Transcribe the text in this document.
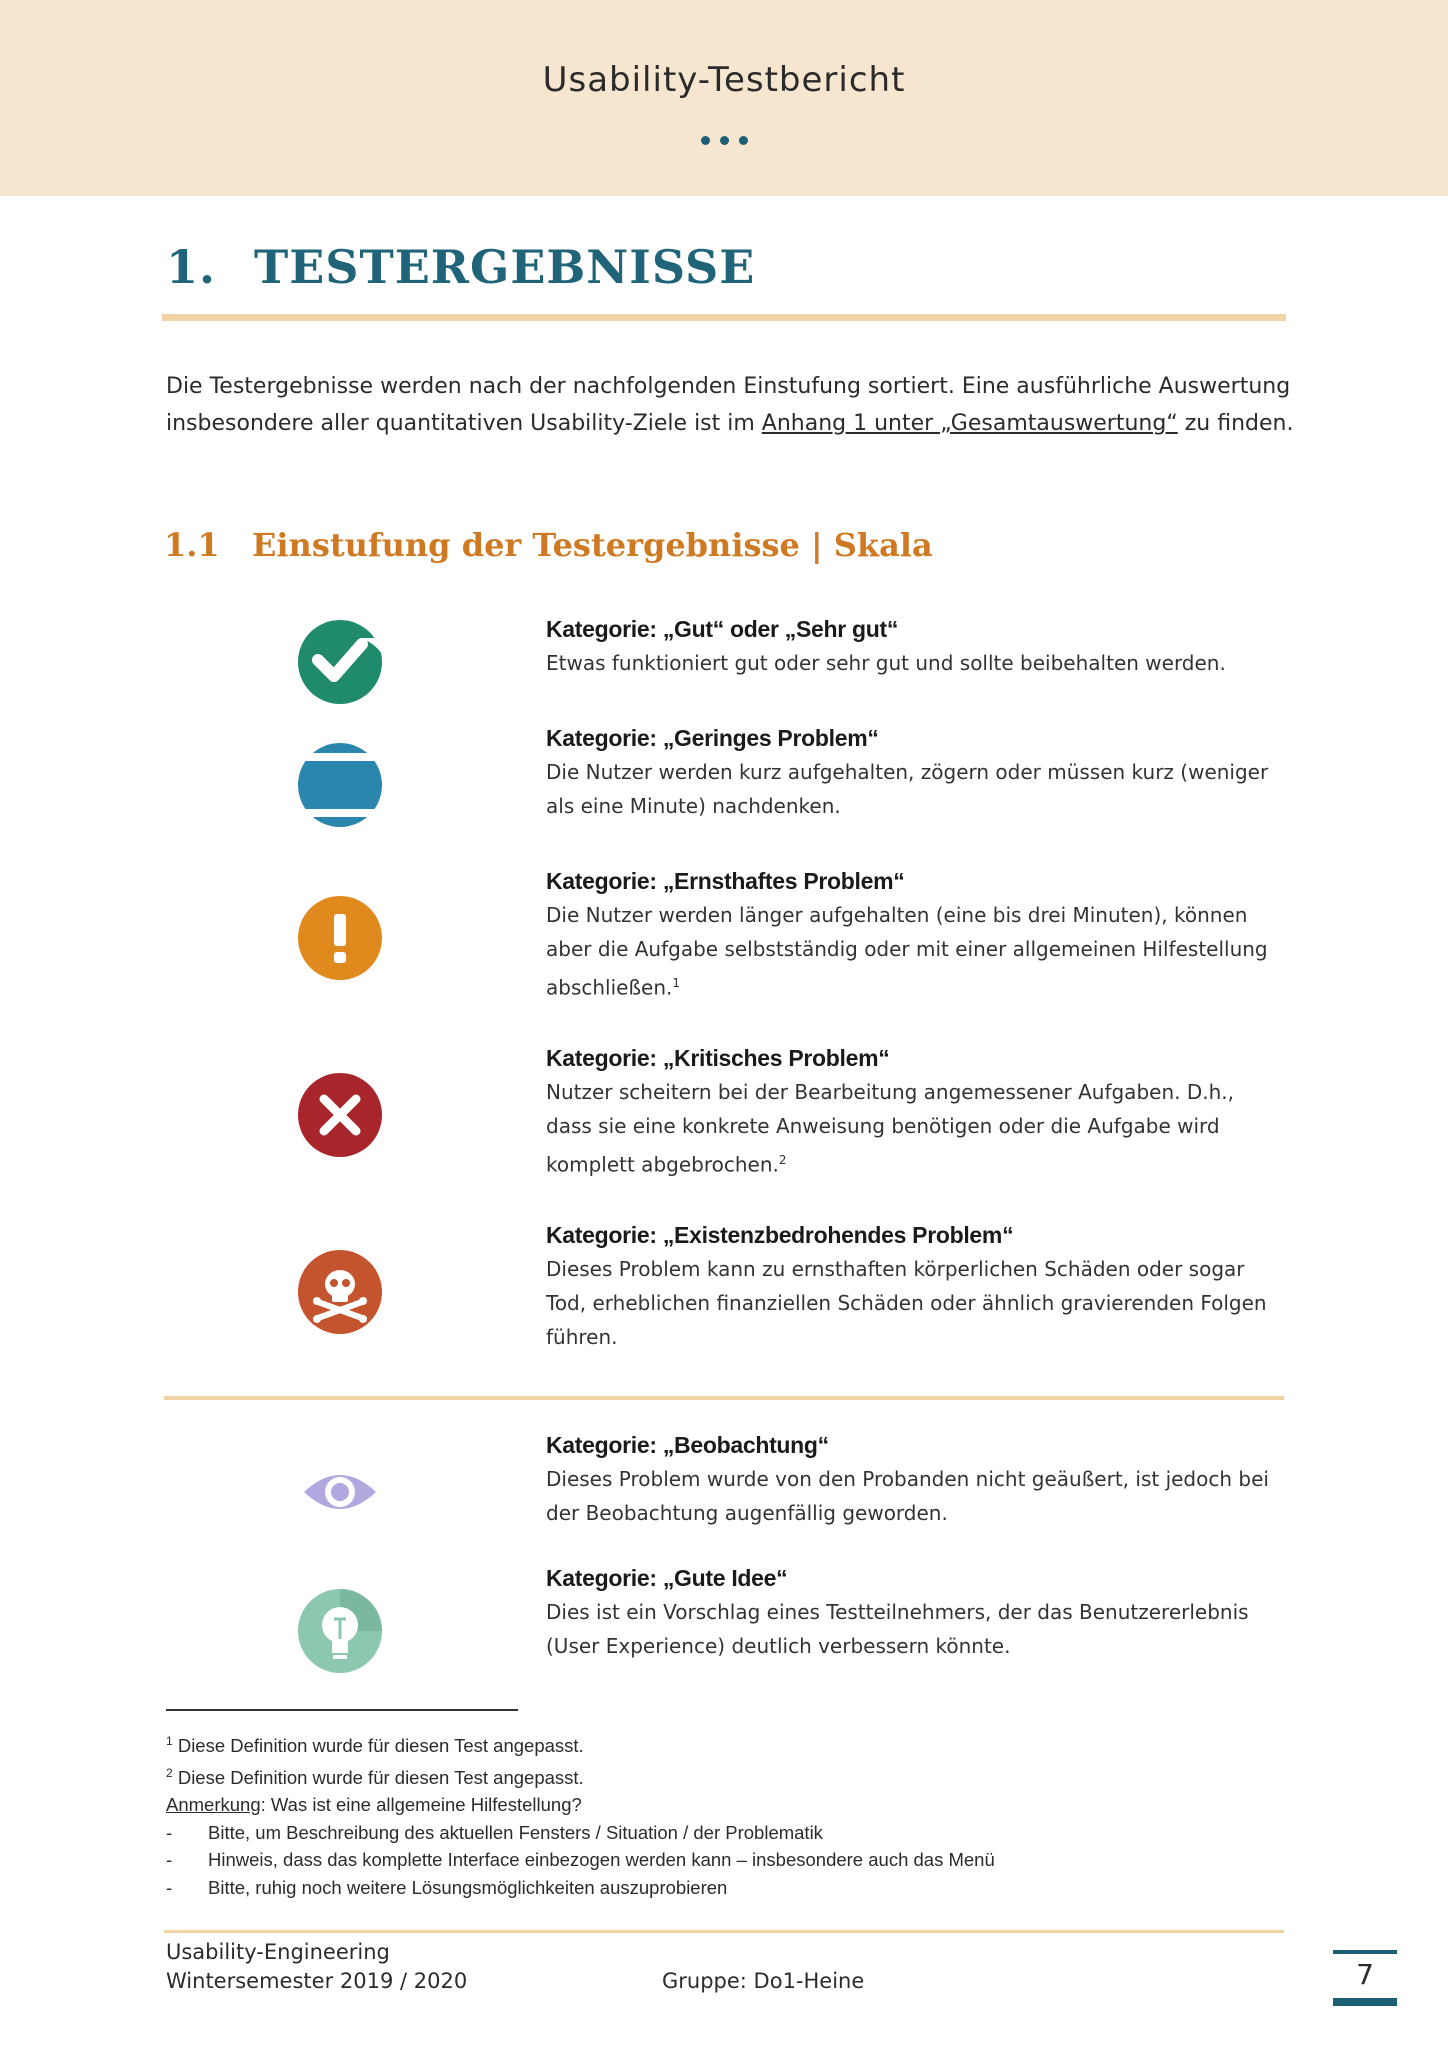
Usability-Testbericht
1. TESTERGEBNISSE
Die Testergebnisse werden nach der nachfolgenden Einstufung sortiert. Eine ausführliche Auswertung insbesondere aller quantitativen Usability-Ziele ist im Anhang 1 unter „Gesamtauswertung“ zu finden.
1.1 Einstufung der Testergebnisse | Skala
Kategorie: „Gut“ oder „Sehr gut“
Etwas funktioniert gut oder sehr gut und sollte beibehalten werden.
Kategorie: „Geringes Problem“
Die Nutzer werden kurz aufgehalten, zögern oder müssen kurz (weniger als eine Minute) nachdenken.
Kategorie: „Ernsthaftes Problem“
Die Nutzer werden länger aufgehalten (eine bis drei Minuten), können aber die Aufgabe selbstständig oder mit einer allgemeinen Hilfestellung abschließen.$^1$
Kategorie: „Kritisches Problem“
Nutzer scheitern bei der Bearbeitung angemessener Aufgaben. D.h., dass sie eine konkrete Anweisung benötigen oder die Aufgabe wird komplett abgebrochen.$^2$
Kategorie: „Existenzbedrohendes Problem“
Dieses Problem kann zu ernsthaften körperlichen Schäden oder sogar Tod, erheblichen finanziellen Schäden oder ähnlich gravierenden Folgen führen.
Kategorie: „Beobachtung“
Dieses Problem wurde von den Probanden nicht geäußert, ist jedoch bei der Beobachtung augenfällig geworden.
Kategorie: „Gute Idee“
Dies ist ein Vorschlag eines Testteilnehmers, der das Benutzererlebnis (User Experience) deutlich verbessern könnte.
$^1$ Diese Definition wurde für diesen Test angepasst.
$^2$ Diese Definition wurde für diesen Test angepasst.
Anmerkung: Was ist eine allgemeine Hilfestellung?
- Bitte, um Beschreibung des aktuellen Fensters / Situation / der Problematik
- Hinweis, dass das komplette Interface einbezogen werden kann – insbesondere auch das Menü
- Bitte, ruhig noch weitere Lösungsmöglichkeiten auszuprobieren
Usability-Engineering
Wintersemester 2019 / 2020	Gruppe: Do1-Heine	7
